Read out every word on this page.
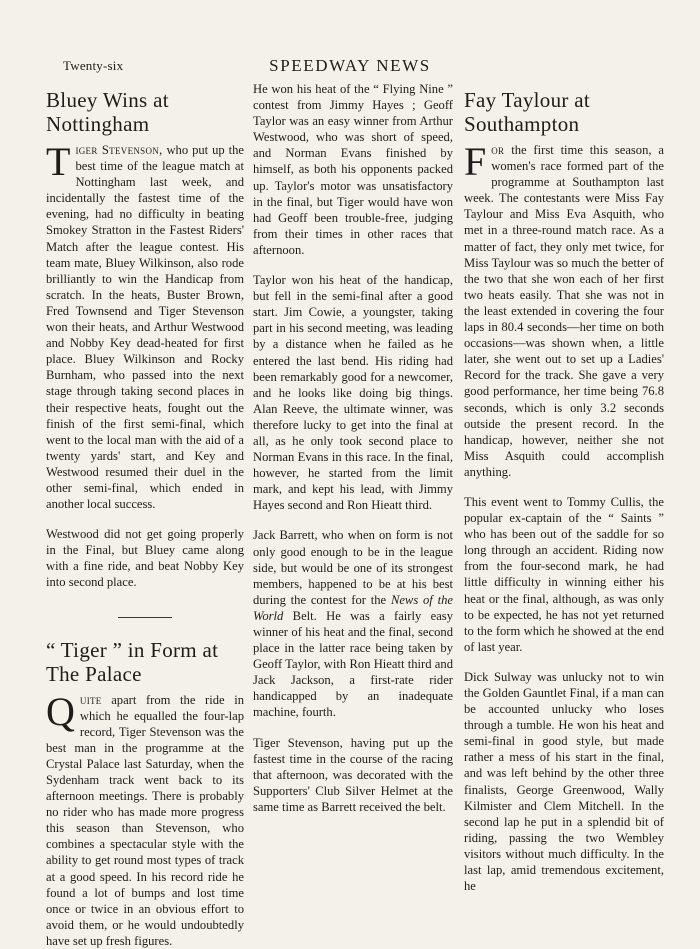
Twenty-six	SPEEDWAY NEWS
Bluey Wins at Nottingham

Tiger Stevenson, who put up the best time of the league match at Nottingham last week, and incidentally the fastest time of the evening, had no difficulty in beating Smokey Stratton in the Fastest Riders' Match after the league contest. His team mate, Bluey Wilkinson, also rode brilliantly to win the Handicap from scratch. In the heats, Buster Brown, Fred Townsend and Tiger Stevenson won their heats, and Arthur Westwood and Nobby Key dead-heated for first place. Bluey Wilkinson and Rocky Burnham, who passed into the next stage through taking second places in their respective heats, fought out the finish of the first semi-final, which went to the local man with the aid of a twenty yards' start, and Key and Westwood resumed their duel in the other semi-final, which ended in another local success.

Westwood did not get going properly in the Final, but Bluey came along with a fine ride, and beat Nobby Key into second place.

“ Tiger ” in Form at The Palace

Quite apart from the ride in which he equalled the four-lap record, Tiger Stevenson was the best man in the programme at the Crystal Palace last Saturday, when the Sydenham track went back to its afternoon meetings. There is probably no rider who has made more progress this season than Stevenson, who combines a spectacular style with the ability to get round most types of track at a good speed. In his record ride he found a lot of bumps and lost time once or twice in an obvious effort to avoid them, or he would undoubtedly have set up fresh figures.

He won his heat of the “ Flying Nine ” contest from Jimmy Hayes ; Geoff Taylor was an easy winner from Arthur Westwood, who was short of speed, and Norman Evans finished by himself, as both his opponents packed up. Taylor's motor was unsatisfactory in the final, but Tiger would have won had Geoff been trouble-free, judging from their times in other races that afternoon.

Taylor won his heat of the handicap, but fell in the semi-final after a good start. Jim Cowie, a youngster, taking part in his second meeting, was leading by a distance when he failed as he entered the last bend. His riding had been remarkably good for a newcomer, and he looks like doing big things. Alan Reeve, the ultimate winner, was therefore lucky to get into the final at all, as he only took second place to Norman Evans in this race. In the final, however, he started from the limit mark, and kept his lead, with Jimmy Hayes second and Ron Hieatt third.

Jack Barrett, who when on form is not only good enough to be in the league side, but would be one of its strongest members, happened to be at his best during the contest for the News of the World Belt. He was a fairly easy winner of his heat and the final, second place in the latter race being taken by Geoff Taylor, with Ron Hieatt third and Jack Jackson, a first-rate rider handicapped by an inadequate machine, fourth.

Tiger Stevenson, having put up the fastest time in the course of the racing that afternoon, was decorated with the Supporters' Club Silver Helmet at the same time as Barrett received the belt.

Fay Taylour at Southampton

For the first time this season, a women's race formed part of the programme at Southampton last week. The contestants were Miss Fay Taylour and Miss Eva Asquith, who met in a three-round match race. As a matter of fact, they only met twice, for Miss Taylour was so much the better of the two that she won each of her first two heats easily. That she was not in the least extended in covering the four laps in 80.4 seconds—her time on both occasions—was shown when, a little later, she went out to set up a Ladies' Record for the track. She gave a very good performance, her time being 76.8 seconds, which is only 3.2 seconds outside the present record. In the handicap, however, neither she not Miss Asquith could accomplish anything.

This event went to Tommy Cullis, the popular ex-captain of the “ Saints ” who has been out of the saddle for so long through an accident. Riding now from the four-second mark, he had little difficulty in winning either his heat or the final, although, as was only to be expected, he has not yet returned to the form which he showed at the end of last year.

Dick Sulway was unlucky not to win the Golden Gauntlet Final, if a man can be accounted unlucky who loses through a tumble. He won his heat and semi-final in good style, but made rather a mess of his start in the final, and was left behind by the other three finalists, George Greenwood, Wally Kilmister and Clem Mitchell. In the second lap he put in a splendid bit of riding, passing the two Wembley visitors without much difficulty. In the last lap, amid tremendous excitement, he
